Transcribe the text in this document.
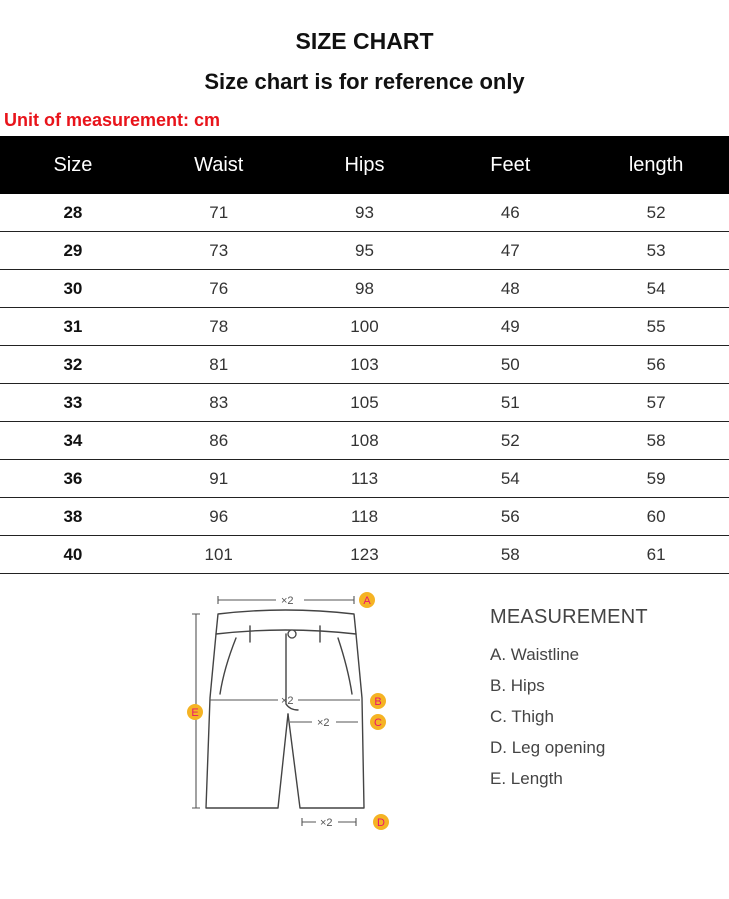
SIZE CHART
Size chart is for reference only
Unit of measurement: cm
Size	Waist	Hips	Feet	length
28	71	93	46	52
29	73	95	47	53
30	76	98	48	54
31	78	100	49	55
32	81	103	50	56
33	83	105	51	57
34	86	108	52	58
36	91	113	54	59
38	96	118	56	60
40	101	123	58	61
×2
×2
×2
×2
A
B
C
D
E
MEASUREMENT
A. Waistline
B. Hips
C. Thigh
D. Leg opening
E. Length
